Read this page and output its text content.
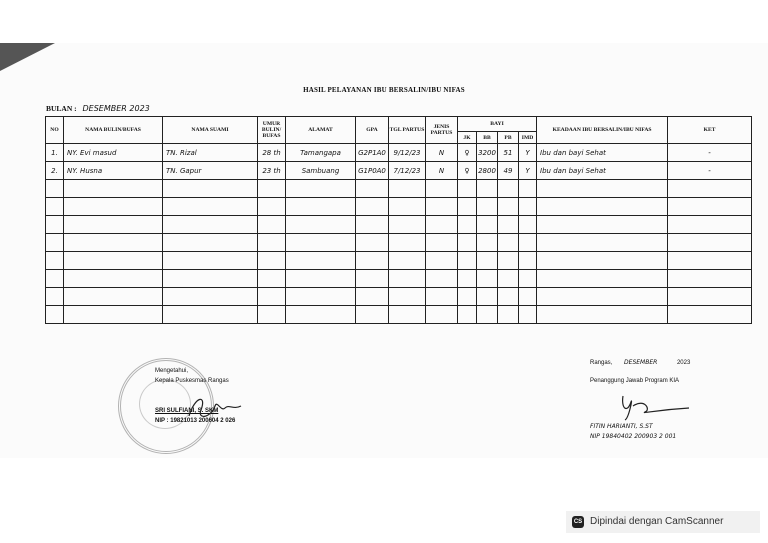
HASIL PELAYANAN IBU BERSALIN/IBU NIFAS
BULAN : DESEMBER 2023
NO	NAMA BULIN/BUFAS	NAMA SUAMI	UMUR BULIN/ BUFAS	ALAMAT	GPA	TGL PARTUS	JENIS PARTUS	BAYI				KEADAAN IBU BERSALIN/IBU NIFAS	KET
								JK	BB	PB	IMD		
1.	NY. Evi masud	TN. Rizal	28 th	Tamangapa	G2P1A0	9/12/23	N	♀	3200	51	Y	Ibu dan bayi Sehat	-
2.	NY. Husna	TN. Gapur	23 th	Sambuang	G1P0A0	7/12/23	N	♀	2800	49	Y	Ibu dan bayi Sehat	-

Mengetahui,
Kepala Puskesmas Rangas
SRI SULFIANI, S. SKM
NIP : 19821013 200604 2 026
Rangas, DESEMBER	2023
Penanggung Jawab Program KIA
FITIN HARIANTI, S.ST
NIP 19840402 200903 2 001
CS Dipindai dengan CamScanner
